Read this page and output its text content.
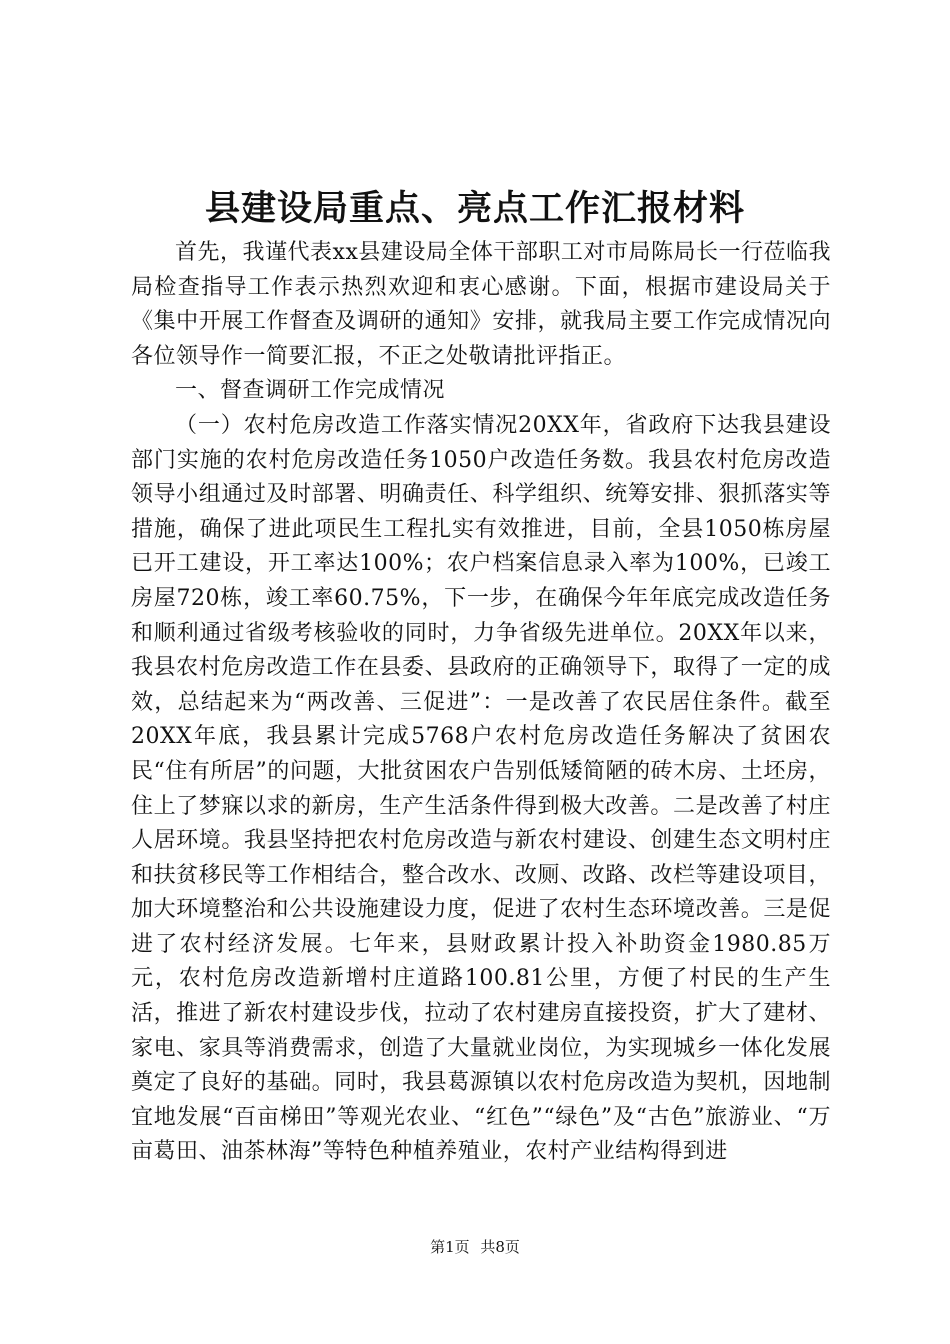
县建设局重点、亮点工作汇报材料

首先，我谨代表xx县建设局全体干部职工对市局陈局长一行莅临我局检查指导工作表示热烈欢迎和衷心感谢。下面，根据市建设局关于《集中开展工作督查及调研的通知》安排，就我局主要工作完成情况向各位领导作一简要汇报，不正之处敬请批评指正。

一、督查调研工作完成情况

（一）农村危房改造工作落实情况20XX年，省政府下达我县建设部门实施的农村危房改造任务1050户改造任务数。我县农村危房改造领导小组通过及时部署、明确责任、科学组织、统筹安排、狠抓落实等措施，确保了进此项民生工程扎实有效推进，目前，全县1050栋房屋已开工建设，开工率达100%；农户档案信息录入率为100%，已竣工房屋720栋，竣工率60.75%，下一步，在确保今年年底完成改造任务和顺利通过省级考核验收的同时，力争省级先进单位。20XX年以来，我县农村危房改造工作在县委、县政府的正确领导下，取得了一定的成效，总结起来为“两改善、三促进”：一是改善了农民居住条件。截至20XX年底，我县累计完成5768户农村危房改造任务解决了贫困农民“住有所居”的问题，大批贫困农户告别低矮简陋的砖木房、土坯房，住上了梦寐以求的新房，生产生活条件得到极大改善。二是改善了村庄人居环境。我县坚持把农村危房改造与新农村建设、创建生态文明村庄和扶贫移民等工作相结合，整合改水、改厕、改路、改栏等建设项目，加大环境整治和公共设施建设力度，促进了农村生态环境改善。三是促进了农村经济发展。七年来，县财政累计投入补助资金1980.85万元，农村危房改造新增村庄道路100.81公里，方便了村民的生产生活，推进了新农村建设步伐，拉动了农村建房直接投资，扩大了建材、家电、家具等消费需求，创造了大量就业岗位，为实现城乡一体化发展奠定了良好的基础。同时，我县葛源镇以农村危房改造为契机，因地制宜地发展“百亩梯田”等观光农业、“红色”“绿色”及“古色”旅游业、“万亩葛田、油茶林海”等特色种植养殖业，农村产业结构得到进

第1页 共8页
